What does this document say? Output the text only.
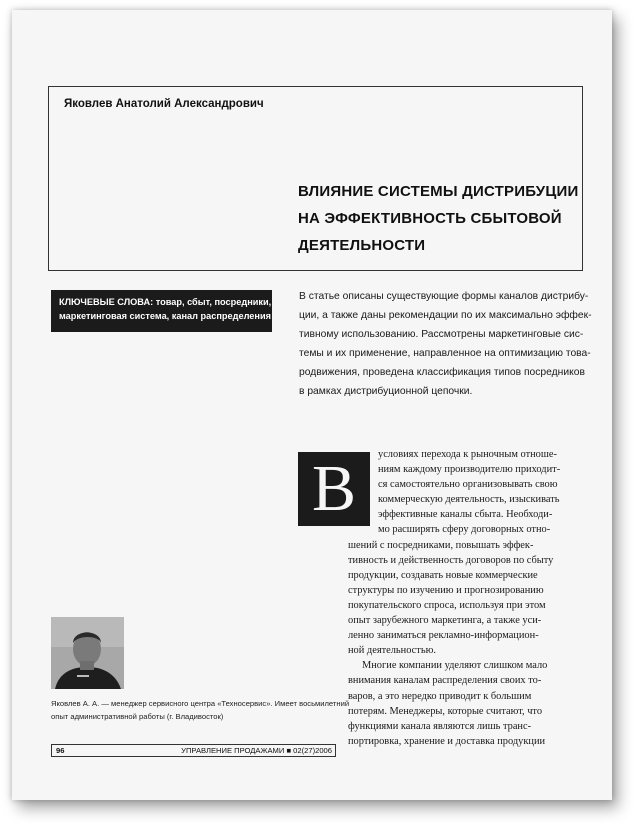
Яковлев Анатолий Александрович
ВЛИЯНИЕ СИСТЕМЫ ДИСТРИБУЦИИ
НА ЭФФЕКТИВНОСТЬ СБЫТОВОЙ
ДЕЯТЕЛЬНОСТИ
КЛЮЧЕВЫЕ СЛОВА: товар, сбыт, посредники,
маркетинговая система, канал распределения
В статье описаны существующие формы каналов дистрибу-
ции, а также даны рекомендации по их максимально эффек-
тивному использованию. Рассмотрены маркетинговые сис-
темы и их применение, направленное на оптимизацию това-
родвижения, проведена классификация типов посредников
в рамках дистрибуционной цепочки.
В	условиях перехода к рыночным отноше-
ниям каждому производителю приходит-
ся самостоятельно организовывать свою
коммерческую деятельность, изыскивать
эффективные каналы сбыта. Необходи-
мо расширять сферу договорных отно-
шений с посредниками, повышать эффек-
тивность и действенность договоров по сбыту
продукции, создавать новые коммерческие
структуры по изучению и прогнозированию
покупательского спроса, используя при этом
опыт зарубежного маркетинга, а также уси-
ленно заниматься рекламно-информацион-
ной деятельностью.
Многие компании уделяют слишком мало
внимания каналам распределения своих то-
варов, а это нередко приводит к большим
потерям. Менеджеры, которые считают, что
функциями канала являются лишь транс-
портировка, хранение и доставка продукции
Яковлев А. А. — менеджер сервисного центра «Техносервис». Имеет восьмилетний
опыт административной работы (г. Владивосток)
96	УПРАВЛЕНИЕ ПРОДАЖАМИ ■ 02(27)2006
